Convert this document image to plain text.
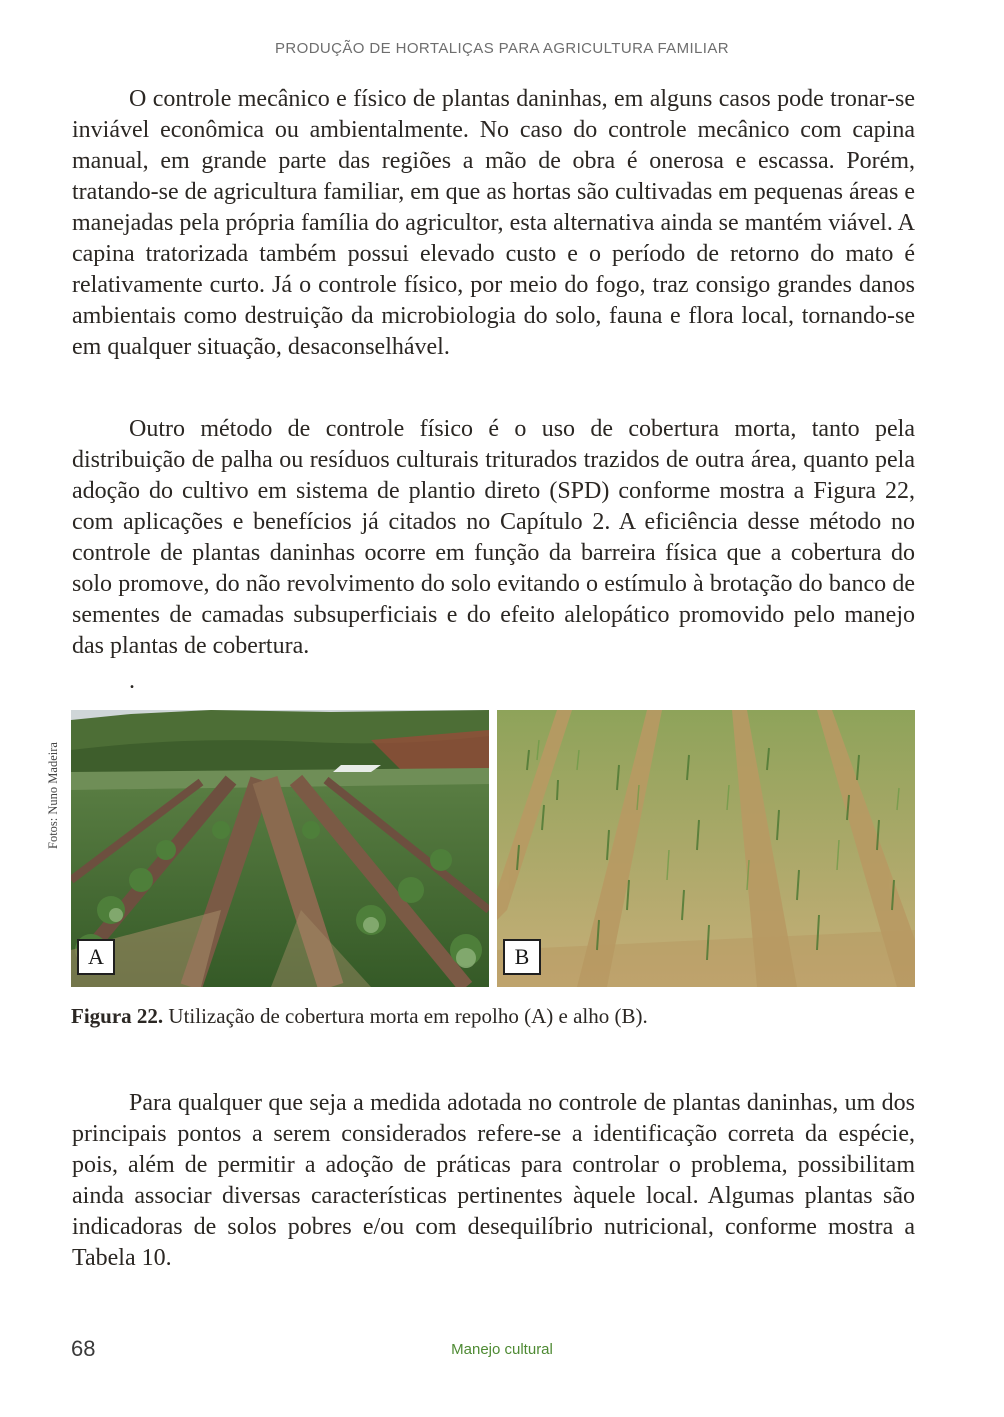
PRODUÇÃO DE HORTALIÇAS PARA AGRICULTURA FAMILIAR

O controle mecânico e físico de plantas daninhas, em alguns casos pode tronar-se inviável econômica ou ambientalmente. No caso do controle mecânico com capina manual, em grande parte das regiões a mão de obra é onerosa e escassa. Porém, tratando-se de agricultura familiar, em que as hortas são cultivadas em pequenas áreas e manejadas pela própria família do agricultor, esta alternativa ainda se mantém viável. A capina tratorizada também possui elevado custo e o período de retorno do mato é relativamente curto. Já o controle físico, por meio do fogo, traz consigo grandes danos ambientais como destruição da microbiologia do solo, fauna e flora local, tornando-se em qualquer situação, desaconselhável.

Outro método de controle físico é o uso de cobertura morta, tanto pela distribuição de palha ou resíduos culturais triturados trazidos de outra área, quanto pela adoção do cultivo em sistema de plantio direto (SPD) conforme mostra a Figura 22, com aplicações e benefícios já citados no Capítulo 2. A eficiência desse método no controle de plantas daninhas ocorre em função da barreira física que a cobertura do solo promove, do não revolvimento do solo evitando o estímulo à brotação do banco de sementes de camadas subsuperficiais e do efeito alelopático promovido pelo manejo das plantas de cobertura.

.
Fotos: Nuno Madeira
A	B
Figura 22. Utilização de cobertura morta em repolho (A) e alho (B).

Para qualquer que seja a medida adotada no controle de plantas daninhas, um dos principais pontos a serem considerados refere-se a identificação correta da espécie, pois, além de permitir a adoção de práticas para controlar o problema, possibilitam ainda associar diversas características pertinentes àquele local. Algumas plantas são indicadoras de solos pobres e/ou com desequilíbrio nutricional, conforme mostra a Tabela 10.

68	Manejo cultural
